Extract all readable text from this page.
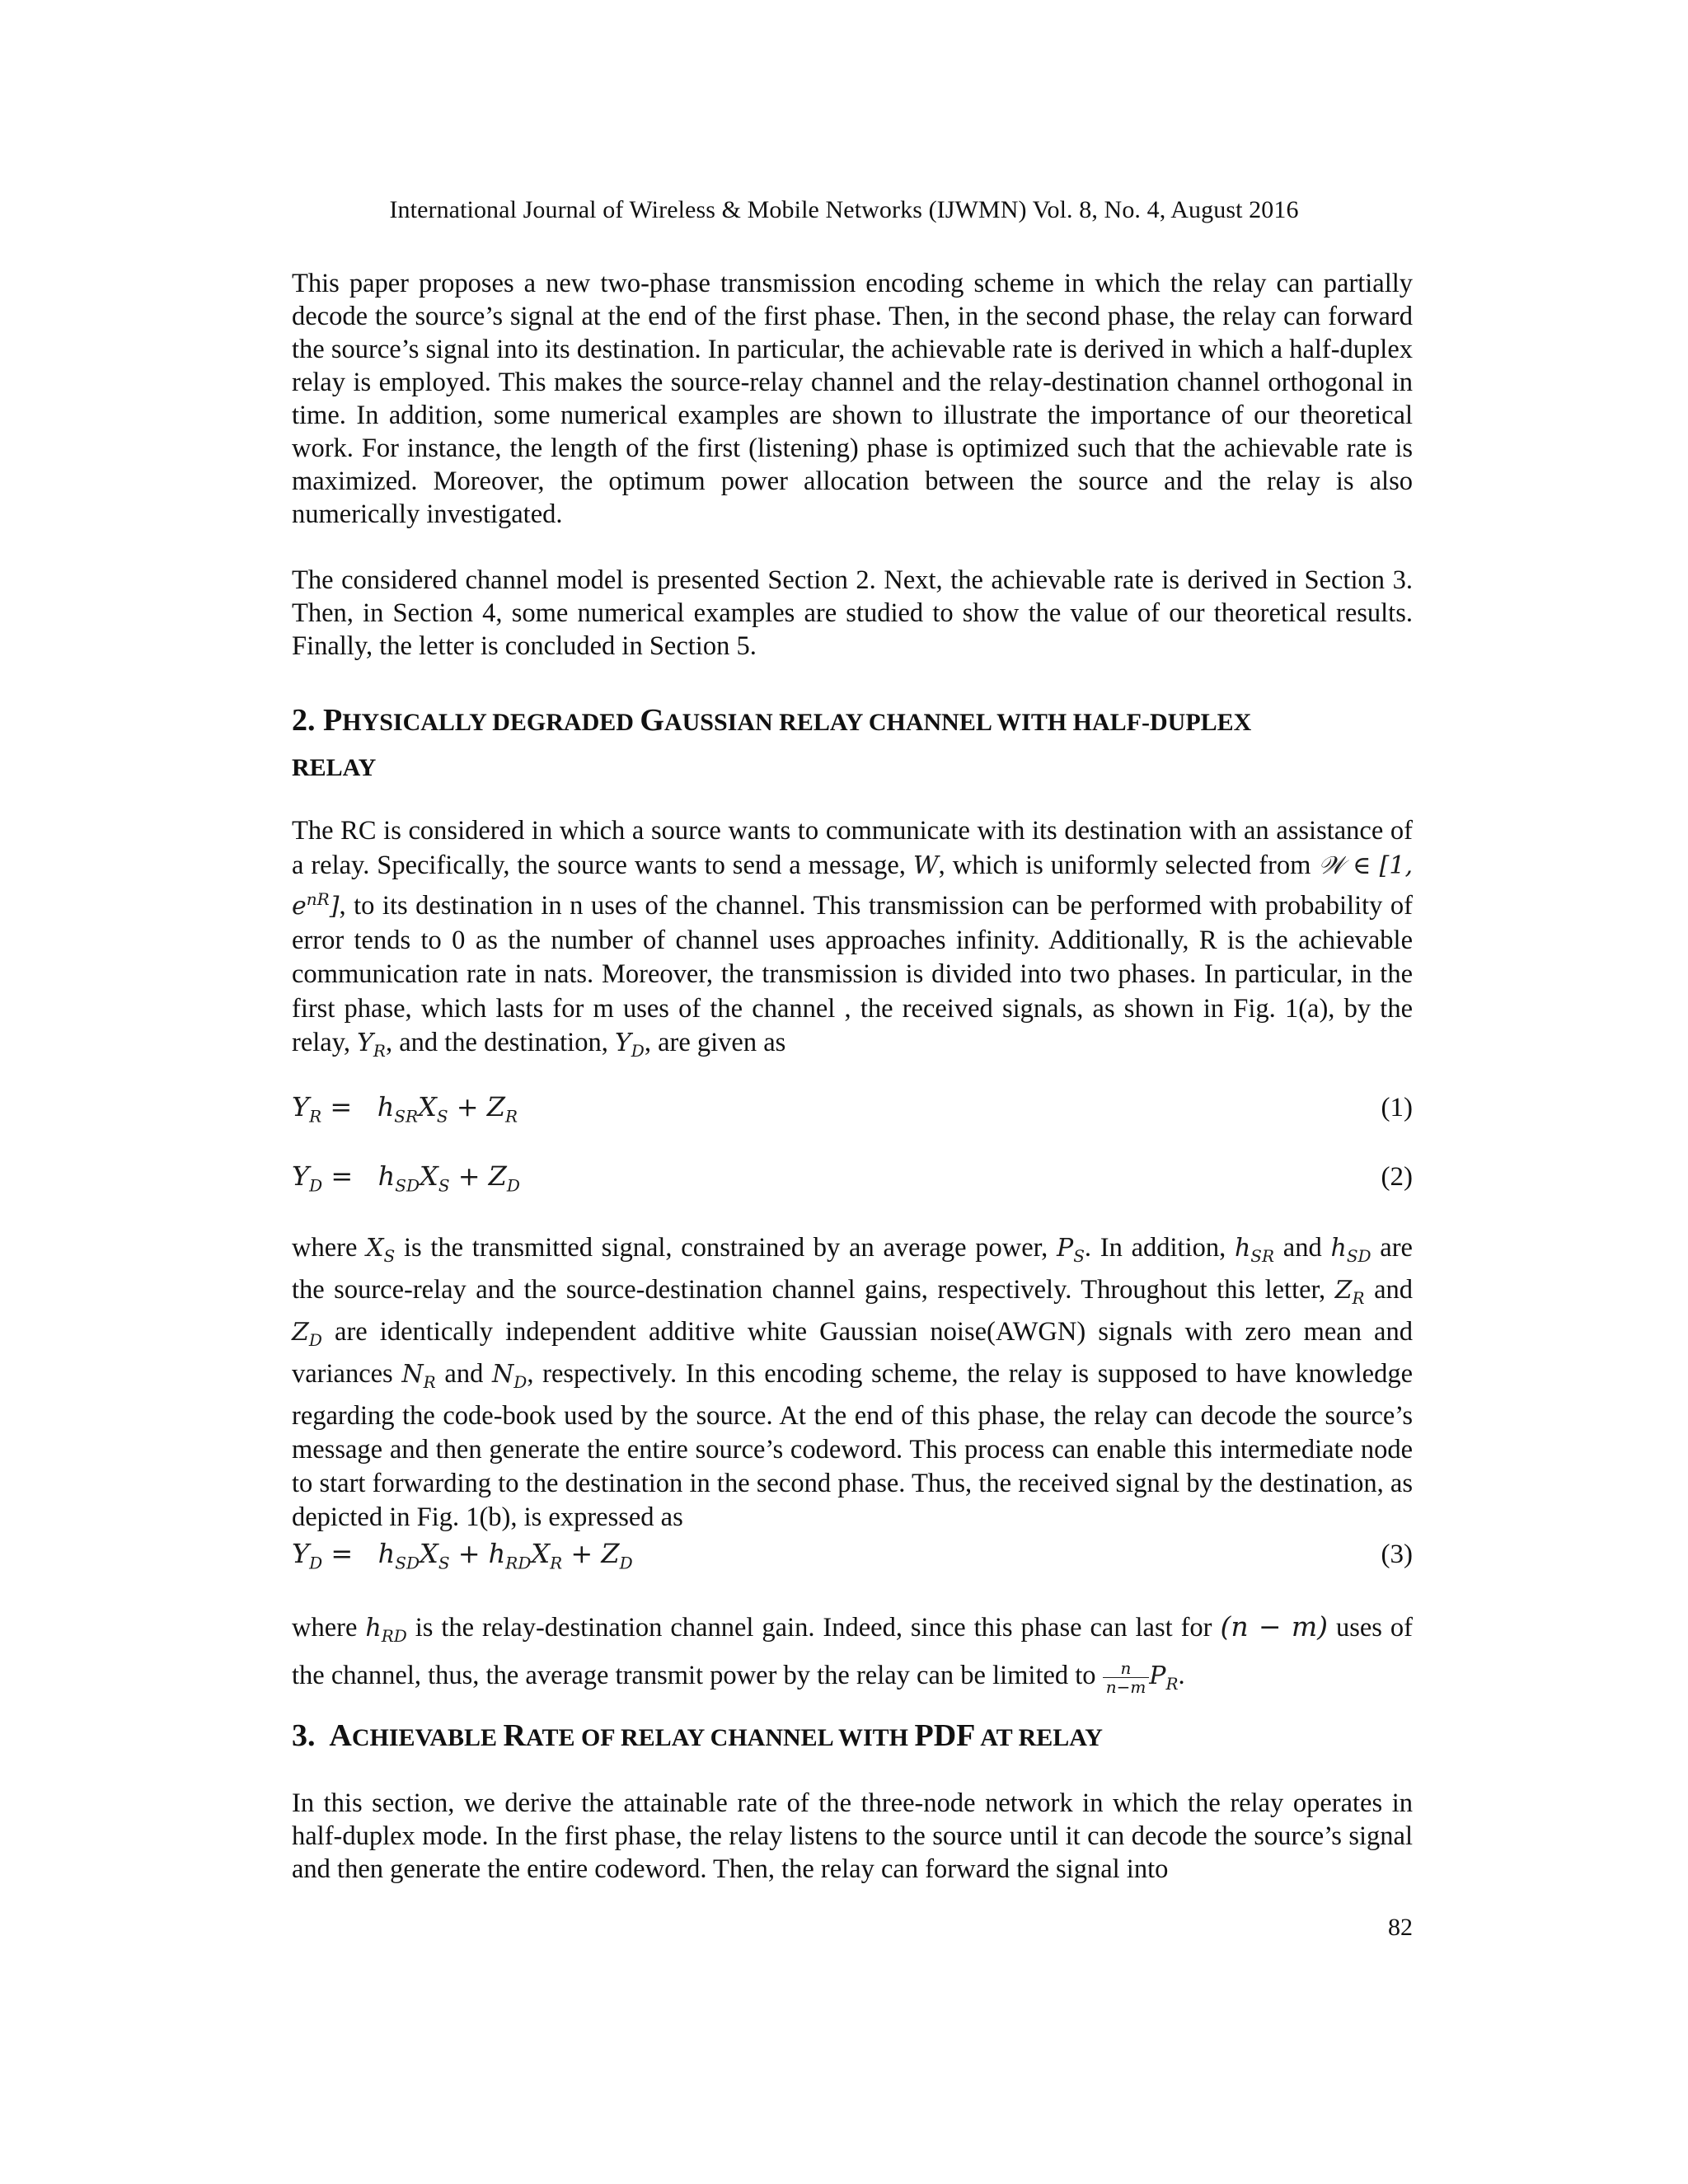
International Journal of Wireless & Mobile Networks (IJWMN) Vol. 8, No. 4, August 2016

This paper proposes a new two-phase transmission encoding scheme in which the relay can partially decode the source’s signal at the end of the first phase. Then, in the second phase, the relay can forward the source’s signal into its destination. In particular, the achievable rate is derived in which a half-duplex relay is employed. This makes the source-relay channel and the relay-destination channel orthogonal in time. In addition, some numerical examples are shown to illustrate the importance of our theoretical work. For instance, the length of the first (listening) phase is optimized such that the achievable rate is maximized. Moreover, the optimum power allocation between the source and the relay is also numerically investigated.

The considered channel model is presented Section 2. Next, the achievable rate is derived in Section 3. Then, in Section 4, some numerical examples are studied to show the value of our theoretical results. Finally, the letter is concluded in Section 5.

2. PHYSICALLY DEGRADED GAUSSIAN RELAY CHANNEL WITH HALF-DUPLEX
RELAY

The RC is considered in which a source wants to communicate with its destination with an assistance of a relay. Specifically, the source wants to send a message, W, which is uniformly selected from 𝒲 ∈ [1, $e^{nR}$], to its destination in n uses of the channel. This transmission can be performed with probability of error tends to 0 as the number of channel uses approaches infinity. Additionally, R is the achievable communication rate in nats. Moreover, the transmission is divided into two phases. In particular, in the first phase, which lasts for m uses of the channel , the received signals, as shown in Fig. 1(a), by the relay, $Y_R$, and the destination, $Y_D$, are given as

$Y_R = h_{SR}X_S + Z_R$	(1)
$Y_D = h_{SD}X_S + Z_D$	(2)

where $X_S$ is the transmitted signal, constrained by an average power, $P_S$. In addition, $h_{SR}$ and $h_{SD}$ are the source-relay and the source-destination channel gains, respectively. Throughout this letter, $Z_R$ and $Z_D$ are identically independent additive white Gaussian noise(AWGN) signals with zero mean and variances $N_R$ and $N_D$, respectively. In this encoding scheme, the relay is supposed to have knowledge regarding the code-book used by the source. At the end of this phase, the relay can decode the source’s message and then generate the entire source’s codeword. This process can enable this intermediate node to start forwarding to the destination in the second phase. Thus, the received signal by the destination, as depicted in Fig. 1(b), is expressed as

$Y_D = h_{SD}X_S + h_{RD}X_R + Z_D$	(3)

where $h_{RD}$ is the relay-destination channel gain. Indeed, since this phase can last for (n − m) uses of the channel, thus, the average transmit power by the relay can be limited to $\frac{n}{n-m} P_R$.

3. ACHIEVABLE RATE OF RELAY CHANNEL WITH PDF AT RELAY

In this section, we derive the attainable rate of the three-node network in which the relay operates in half-duplex mode. In the first phase, the relay listens to the source until it can decode the source’s signal and then generate the entire codeword. Then, the relay can forward the signal into

82
